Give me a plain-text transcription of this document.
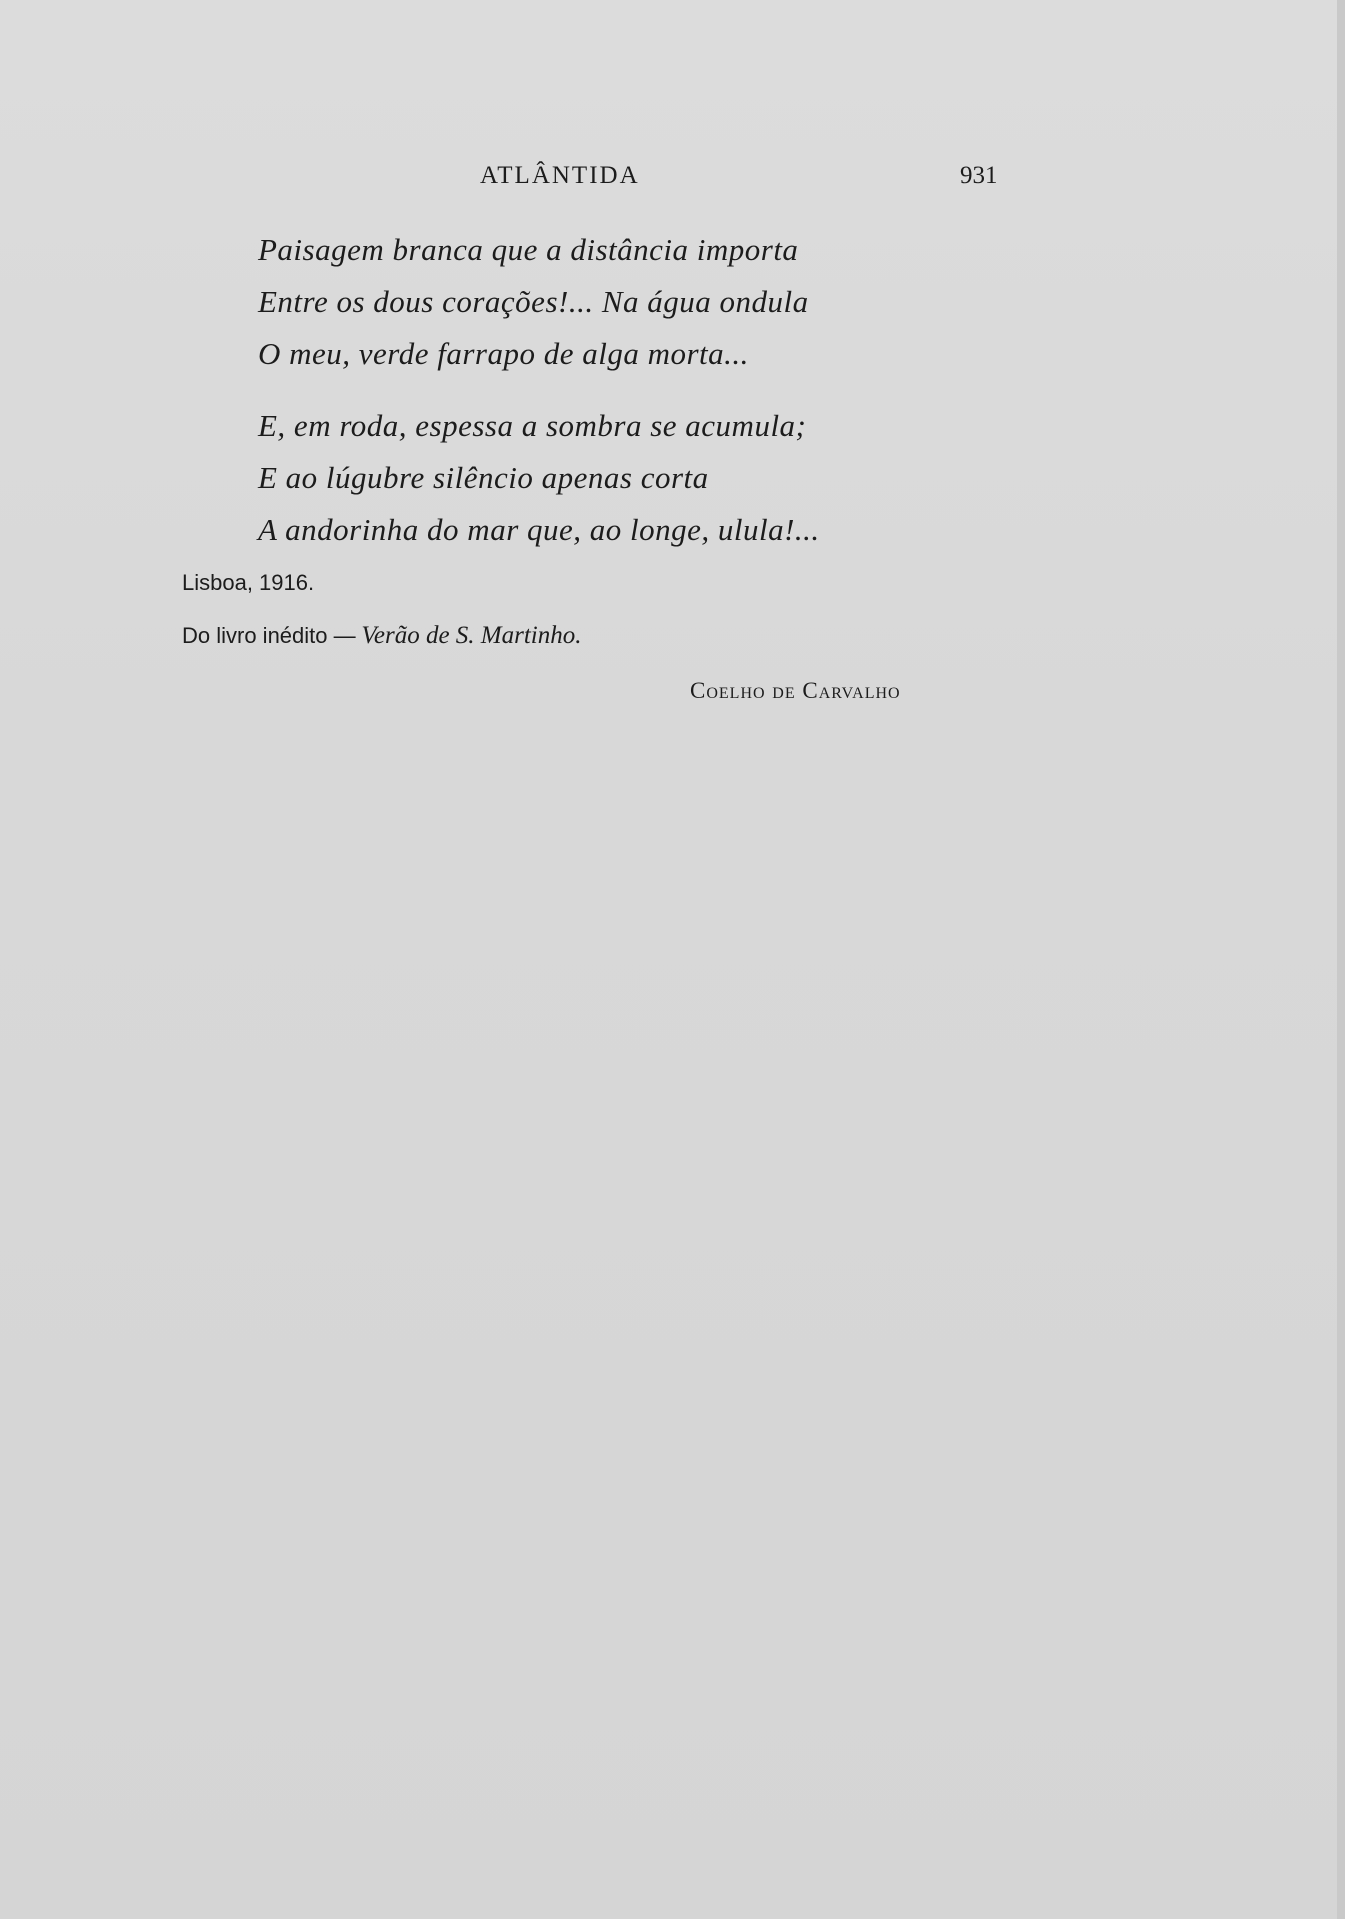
ATLÂNTIDA	931
Paisagem branca que a distância importa
Entre os dous corações!... Na água ondula
O meu, verde farrapo de alga morta...
E, em roda, espessa a sombra se acumula;
E ao lúgubre silêncio apenas corta
A andorinha do mar que, ao longe, ulula!...
Lisboa, 1916.
Do livro inédito — Verão de S. Martinho.
Coelho de Carvalho
